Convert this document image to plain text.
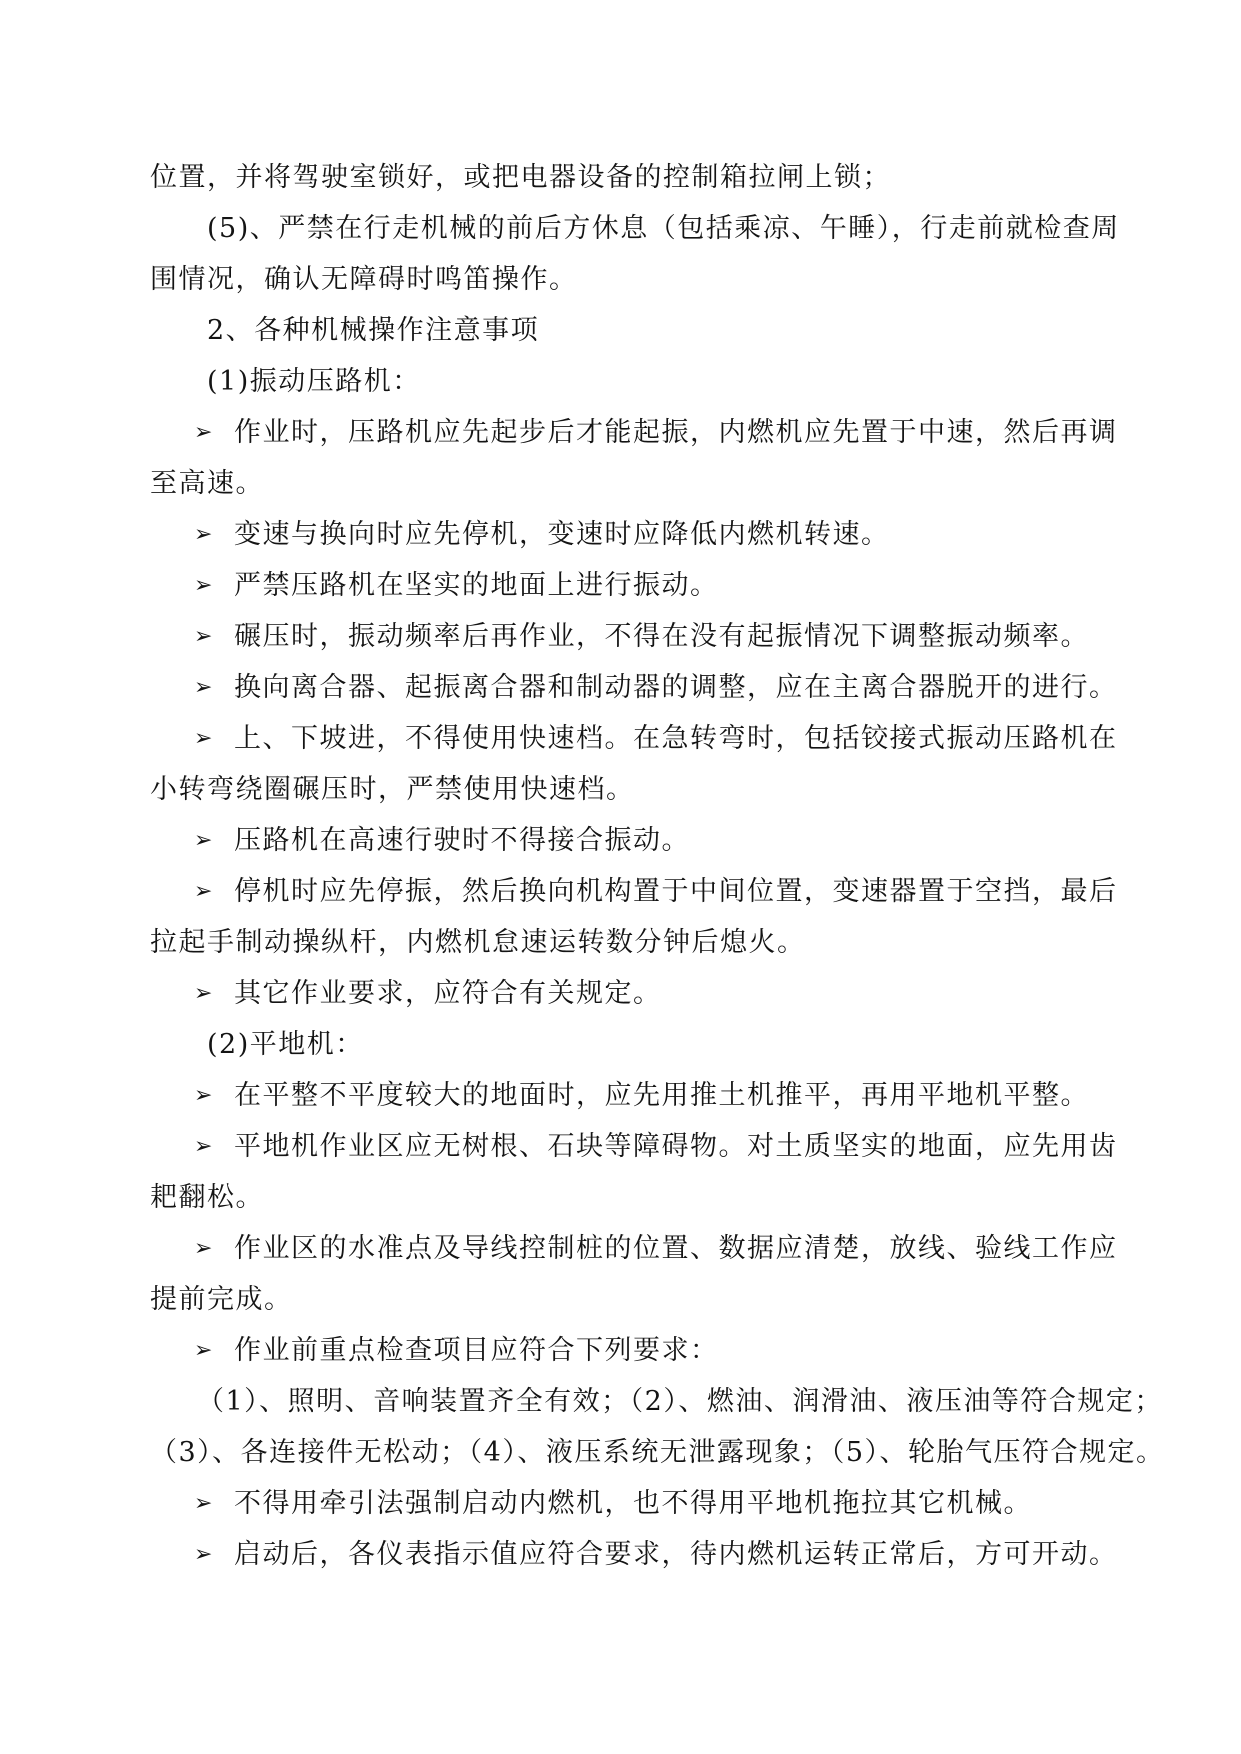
位置，并将驾驶室锁好，或把电器设备的控制箱拉闸上锁；
(5)、严禁在行走机械的前后方休息（包括乘凉、午睡），行走前就检查周
围情况，确认无障碍时鸣笛操作。
2、各种机械操作注意事项
(1)振动压路机：
➢ 作业时，压路机应先起步后才能起振，内燃机应先置于中速，然后再调
至高速。
➢ 变速与换向时应先停机，变速时应降低内燃机转速。
➢ 严禁压路机在坚实的地面上进行振动。
➢ 碾压时，振动频率后再作业，不得在没有起振情况下调整振动频率。
➢ 换向离合器、起振离合器和制动器的调整，应在主离合器脱开的进行。
➢ 上、下坡进，不得使用快速档。在急转弯时，包括铰接式振动压路机在
小转弯绕圈碾压时，严禁使用快速档。
➢ 压路机在高速行驶时不得接合振动。
➢ 停机时应先停振，然后换向机构置于中间位置，变速器置于空挡，最后
拉起手制动操纵杆，内燃机怠速运转数分钟后熄火。
➢ 其它作业要求，应符合有关规定。
(2)平地机：
➢ 在平整不平度较大的地面时，应先用推土机推平，再用平地机平整。
➢ 平地机作业区应无树根、石块等障碍物。对土质坚实的地面，应先用齿
耙翻松。
➢ 作业区的水准点及导线控制桩的位置、数据应清楚，放线、验线工作应
提前完成。
➢ 作业前重点检查项目应符合下列要求：
（1）、照明、音响装置齐全有效；（2）、燃油、润滑油、液压油等符合规定；
（3）、各连接件无松动；（4）、液压系统无泄露现象；（5）、轮胎气压符合规定。
➢ 不得用牵引法强制启动内燃机，也不得用平地机拖拉其它机械。
➢ 启动后，各仪表指示值应符合要求，待内燃机运转正常后，方可开动。
